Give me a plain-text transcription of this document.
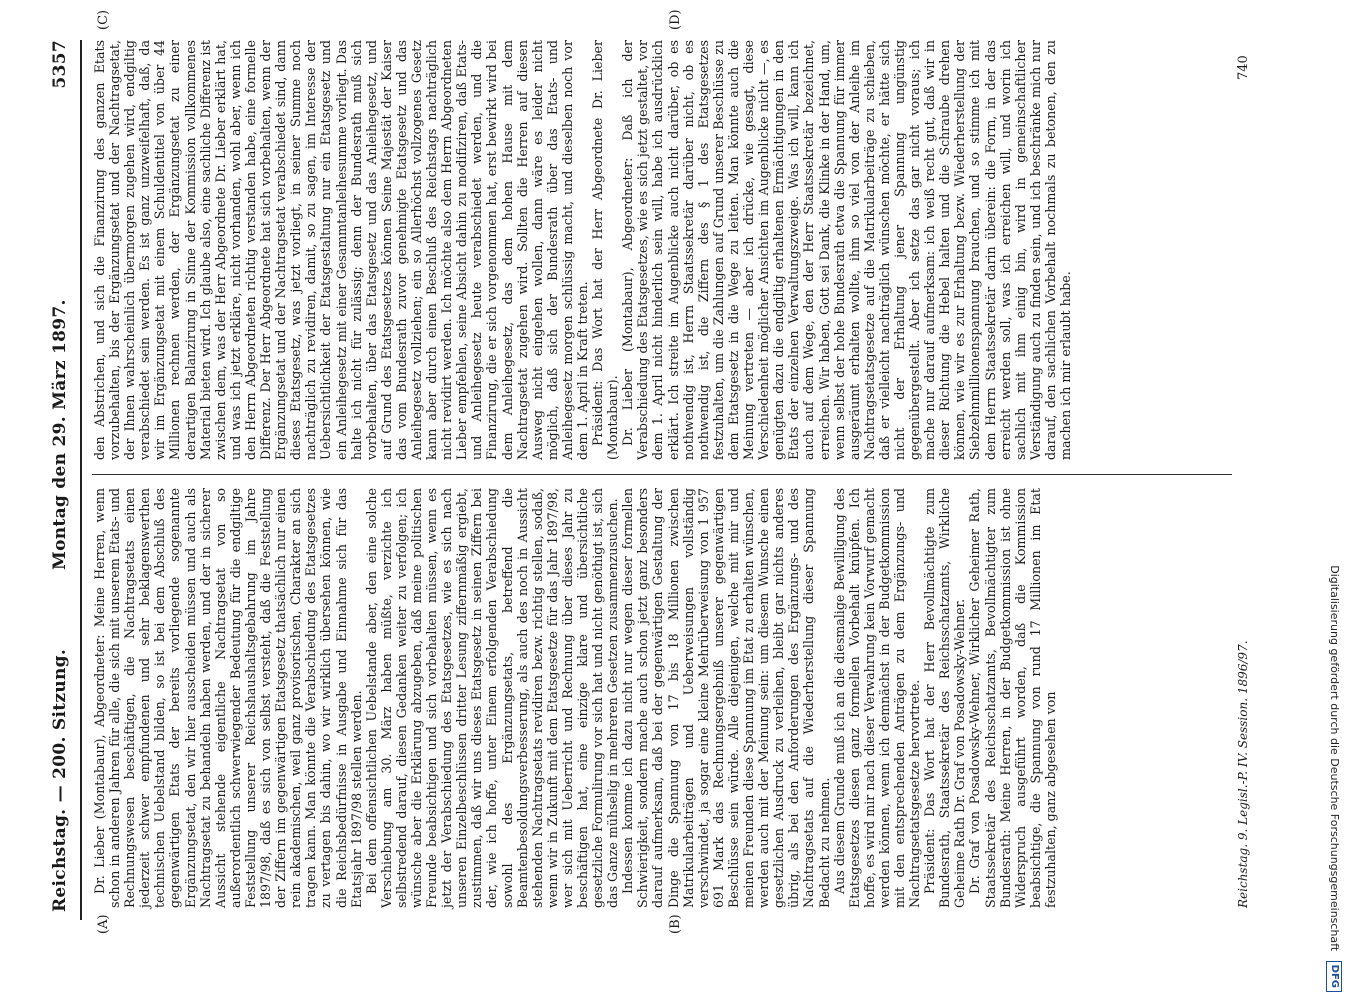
Reichstag. — 200. Sitzung.
Montag den 29. März 1897.
5357
(A)	(B)
(C)	(D)

Dr. Lieber (Montabaur), Abgeordneter: Meine Herren, wenn schon in anderen Jahren für alle, die sich mit unserem Etats- und Rechnungswesen beschäftigen, die Nachtragsetats einen jederzeit schwer empfundenen und sehr beklagenswerthen technischen Uebelstand bilden, so ist bei dem Abschluß des gegenwärtigen Etats der bereits vorliegende sogenannte Ergänzungsetat, den wir hier ausscheiden müssen und auch als Nachtragsetat zu behandeln haben werden, und der in sicherer Aussicht stehende eigentliche Nachtragsetat von so außerordentlich schwerwiegender Bedeutung für die endgiltige Feststellung unserer Reichshaushaltsgebahrung im Jahre 1897/98, daß es sich von selbst versteht, daß die Feststellung der Ziffern im gegenwärtigen Etatsgesetz thatsächlich nur einen rein akademischen, weil ganz provisorischen, Charakter an sich tragen kann. Man könnte die Verabschiedung des Etatsgesetzes zu vertagen bis dahin, wo wir wirklich übersehen können, wie die Reichsbedürfnisse in Ausgabe und Einnahme sich für das Etatsjahr 1897/98 stellen werden. Bei dem offensichtlichen Uebelstande aber, den eine solche Verschiebung am 30. März haben müßte, verzichte ich selbstredend darauf, diesen Gedanken weiter zu verfolgen; ich wünsche aber die Erklärung abzugeben, daß meine politischen Freunde beabsichtigen und sich vorbehalten müssen, wenn es jetzt der Verabschiedung des Etatsgesetzes, wie es sich nach unseren Einzelbeschlüssen dritter Lesung ziffernmäßig ergiebt, zustimmen, daß wir uns dieses Etatsgesetz in seinen Ziffern bei der, wie ich hoffe, unter Einem erfolgenden Verabschiedung sowohl des Ergänzungsetats, betreffend die Beamtenbesoldungsverbesserung, als auch des noch in Aussicht stehenden Nachtragsetats revidiren bezw. richtig stellen, sodaß, wenn wir in Zukunft mit dem Etatsgesetze für das Jahr 1897/98, wer sich mit Ueberricht und Rechnung über dieses Jahr zu beschäftigen hat, eine einzige klare und übersichtliche gesetzliche Formulirung vor sich hat und nicht genöthigt ist, sich das Ganze mühselig in mehreren Gesetzen zusammenzusuchen. Indessen komme ich dazu nicht nur wegen dieser formellen Schwierigkeit, sondern mache auch schon jetzt ganz besonders darauf aufmerksam, daß bei der gegenwärtigen Gestaltung der Dinge die Spannung von 17 bis 18 Millionen zwischen Matrikularbeiträgen und Ueberweisungen vollständig verschwindet, ja sogar eine kleine Mehrüberweisung von 1 957 691 Mark das Rechnungsergebniß unserer gegenwärtigen Beschlüsse sein würde. Alle diejenigen, welche mit mir und meinen Freunden diese Spannung im Etat zu erhalten wünschen, werden auch mit der Meinung sein: um diesem Wunsche einen gesetzlichen Ausdruck zu verleihen, bleibt gar nichts anderes übrig, als bei den Anforderungen des Ergänzungs- und des Nachtragsetats auf die Wiederherstellung dieser Spannung Bedacht zu nehmen. Aus diesem Grunde muß ich an die diesmalige Bewilligung des Etatsgesetzes diesen ganz formellen Vorbehalt knüpfen. Ich hoffe, es wird mir nach dieser Verwahrung kein Vorwurf gemacht werden können, wenn ich demnächst in der Budgetkommission mit den entsprechenden Anträgen zu dem Ergänzungs- und Nachtragsetatsgesetze hervortrete. Präsident: Das Wort hat der Herr Bevollmächtigte zum Bundesrath, Staatssekretär des Reichsschatzamts, Wirkliche Geheime Rath Dr. Graf von Posadowsky-Wehner. Dr. Graf von Posadowsky-Wehner, Wirklicher Geheimer Rath, Staatssekretär des Reichsschatzamts, Bevollmächtigter zum Bundesrath: Meine Herren, in der Budgetkommission ist ohne Widerspruch ausgeführt worden, daß die Kommission beabsichtige, die Spannung von rund 17 Millionen im Etat festzuhalten, ganz abgesehen von

den Abstrichen, und sich die Finanzirung des ganzen Etats vorzubehalten, bis der Ergänzungsetat und der Nachtragsetat, der Ihnen wahrscheinlich übermorgen zugehen wird, endgiltig verabschiedet sein werden. Es ist ganz unzweifelhaft, daß, da wir im Ergänzungsetat mit einem Schuldentitel von über 44 Millionen rechnen werden, der Ergänzungsetat zu einer derartigen Balanzirung in Sinne der Kommission vollkommenes Material bieten wird. Ich glaube also, eine sachliche Differenz ist zwischen dem, was der Herr Abgeordnete Dr. Lieber erklärt hat, und was ich jetzt erkläre, nicht vorhanden, wohl aber, wenn ich den Herrn Abgeordneten richtig verstanden habe, eine formelle Differenz. Der Herr Abgeordnete hat sich vorbehalten, wenn der Ergänzungsetat und der Nachtragsetat verabschiedet sind, dann dieses Etatsgesetz, was jetzt vorliegt, in seiner Summe noch nachträglich zu revidiren, damit, so zu sagen, im Interesse der Uebersichtlichkeit der Etatsgestaltung nur ein Etatsgesetz und ein Anleihegesetz mit einer Gesammtanleihesumme vorliegt. Das halte ich nicht für zulässig; denn der Bundesrath muß sich vorbehalten, über das Etatsgesetz und das Anleihegesetz, und auf Grund des Etatsgesetzes können Seine Majestät der Kaiser das vom Bundesrath zuvor genehmigte Etatsgesetz und das Anleihegesetz vollziehen; ein so Allerhöchst vollzogenes Gesetz kann aber durch einen Beschluß des Reichstags nachträglich nicht revidirt werden. Ich möchte also dem Herrn Abgeordneten Lieber empfehlen, seine Absicht dahin zu modifiziren, daß Etats- und Anleihegesetz heute verabschiedet werden, und die Finanzirung, die er sich vorgenommen hat, erst bewirkt wird bei dem Anleihegesetz, das dem hohen Hause mit dem Nachtragsetat zugehen wird. Sollten die Herren auf diesen Ausweg nicht eingehen wollen, dann wäre es leider nicht möglich, daß sich der Bundesrath über das Etats- und Anleihegesetz morgen schlüssig macht, und dieselben noch vor dem 1. April in Kraft treten. Präsident: Das Wort hat der Herr Abgeordnete Dr. Lieber (Montabaur). Dr. Lieber (Montabaur), Abgeordneter: Daß ich der Verabschiedung des Etatsgesetzes, wie es sich jetzt gestaltet, vor dem 1. April nicht hinderlich sein will, habe ich ausdrücklich erklärt. Ich streite im Augenblicke auch nicht darüber, ob es nothwendig ist, Herrn Staatssekretär darüber nicht, ob es nothwendig ist, die Ziffern des § 1 des Etatsgesetzes festzuhalten, um die Zahlungen auf Grund unserer Beschlüsse zu dem Etatsgesetz in die Wege zu leiten. Man könnte auch die Meinung vertreten — aber ich drücke, wie gesagt, diese Verschiedenheit möglicher Ansichten im Augenblicke nicht —, es genügten dazu die endgiltig erhaltenen Ermächtigungen in den Etats der einzelnen Verwaltungszweige. Was ich will, kann ich auch auf dem Wege, den der Herr Staatssekretär bezeichnet, erreichen. Wir haben, Gott sei Dank, die Klinke in der Hand, um, wenn selbst der hohe Bundesrath etwa die Spannung für immer ausgeräumt erhalten wollte, ihm so viel von der Anleihe im Nachtragsetatsgesetze auf die Matrikularbeiträge zu schieben, daß er vielleicht nachträglich wünschen möchte, er hätte sich nicht der Erhaltung jener Spannung ungünstig gegenübergestellt. Aber ich setze das gar nicht voraus; ich mache nur darauf aufmerksam: ich weiß recht gut, daß wir in dieser Richtung die Hebel halten und die Schraube drehen können, wie wir es zur Erhaltung bezw. Wiederherstellung der Siebzehnmillionenspannung brauchen, und so stimme ich mit dem Herrn Staatssekretär darin überein: die Form, in der das erreicht werden soll, was ich erreichen will, und worin ich sachlich mit ihm einig bin, wird in gemeinschaftlicher Verständigung auch zu finden sein, und ich beschränke mich nur darauf, den sachlichen Vorbehalt nochmals zu betonen, den zu machen ich mir erlaubt habe.

Reichstag. 9. Legisl.-P. IV. Session. 1896/97.
740
Digitalisierung gefördert durch die Deutsche Forschungsgemeinschaft DFG
